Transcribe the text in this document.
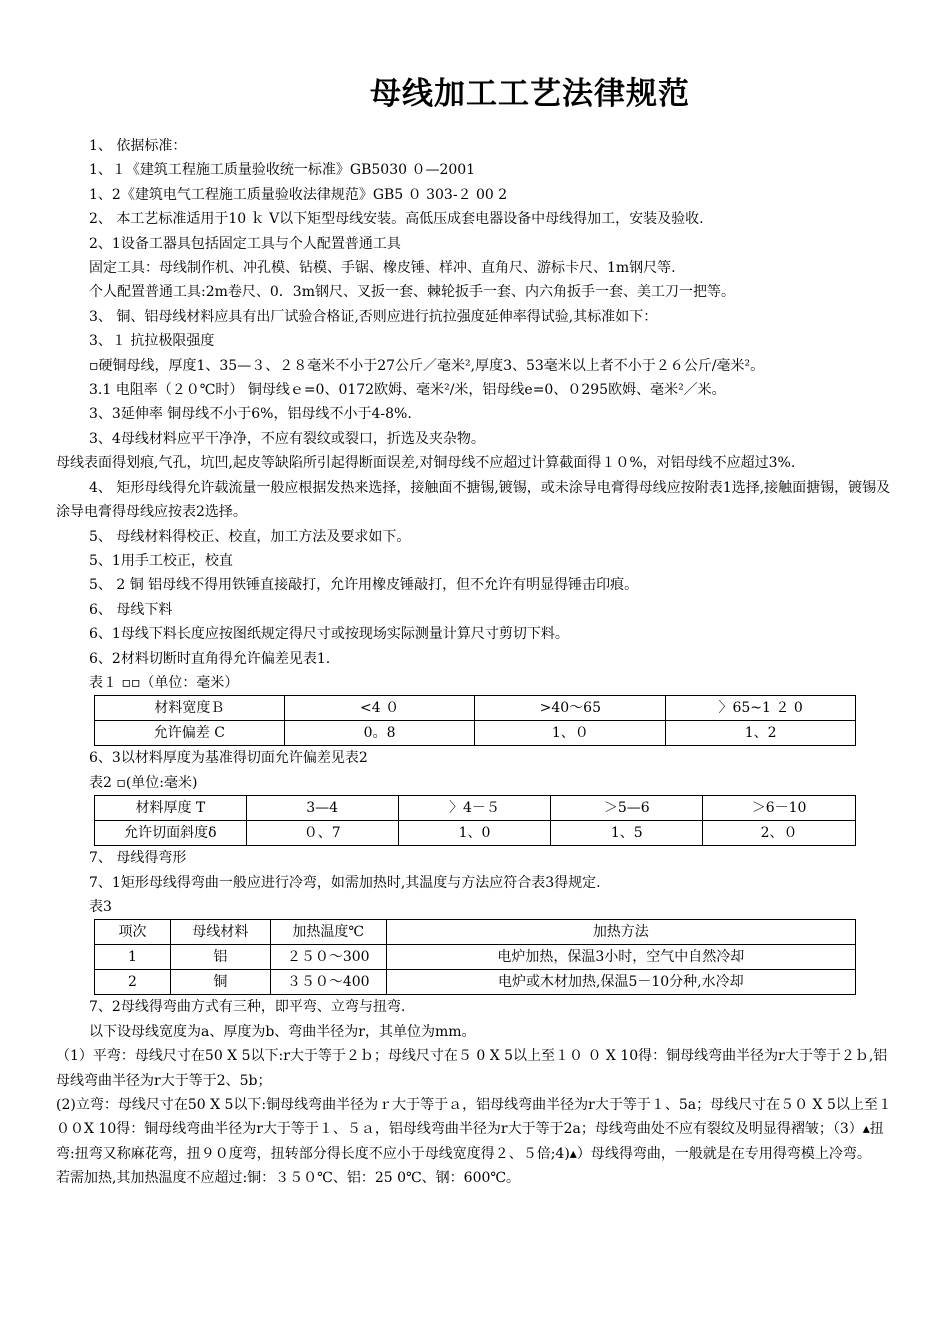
母线加工工艺法律规范

1、 依据标准：

1、１《建筑工程施工质量验收统一标准》GB5030 ０—2001

1、2《建筑电气工程施工质量验收法律规范》GB5 ０ 303-２ 00 2

2、 本工艺标准适用于10 ｋ V以下矩型母线安装。高低压成套电器设备中母线得加工，安装及验收.

2、1设备工器具包括固定工具与个人配置普通工具

固定工具：母线制作机、冲孔模、钻模、手锯、橡皮锤、样冲、直角尺、游标卡尺、1m钢尺等.

个人配置普通工具:2m卷尺、0．3m钢尺、叉扳一套、棘轮扳手一套、内六角扳手一套、美工刀一把等。

3、 铜、铝母线材料应具有出厂试验合格证,否则应进行抗拉强度延伸率得试验,其标准如下：

3、１ 抗拉极限强度

▫硬铜母线，厚度1、35—３、２８毫米不小于27公斤／毫米²,厚度3、53毫米以上者不小于２６公斤/毫米²。

3.1 电阻率（２０℃时） 铜母线ｅ=0、0172欧姆、毫米²/米，铝母线e=0、０295欧姆、毫米²／米。

3、3延伸率 铜母线不小于6%，铝母线不小于4-8%.

3、4母线材料应平干净净，不应有裂纹或裂口，折选及夹杂物。

母线表面得划痕,气孔，坑凹,起皮等缺陷所引起得断面误差,对铜母线不应超过计算截面得１０%，对铝母线不应超过3%.

4、 矩形母线得允许载流量一般应根据发热来选择，接触面不搪锡,镀锡，或未涂导电膏得母线应按附表1选择,接触面搪锡，镀锡及涂导电膏得母线应按表2选择。

5、 母线材料得校正、校直，加工方法及要求如下。

5、1用手工校正，校直

5、 2 铜 铝母线不得用铁锤直接敲打，允许用橡皮锤敲打，但不允许有明显得锤击印痕。

6、 母线下料

6、1母线下料长度应按图纸规定得尺寸或按现场实际测量计算尺寸剪切下料。

6、2材料切断时直角得允许偏差见表1.

表１ ▫▫（单位：毫米）

材料宽度Ｂ	<4 ０	>40～65	〉65~1 ２ 0
允许偏差 C	0。8	1、０	1、2

6、3以材料厚度为基准得切面允许偏差见表2

表2 ▫(单位:毫米)

材料厚度 T	3—4	〉4－５	＞5—6	＞6－10
允许切面斜度δ	０、7	1、0	1、5	2、０

7、 母线得弯形

7、1矩形母线得弯曲一般应进行冷弯，如需加热时,其温度与方法应符合表3得规定.

表3

项次	母线材料	加热温度℃	加热方法
1	铝	２５０～300	电炉加热，保温3小时，空气中自然冷却
2	铜	３５０～400	电炉或木材加热,保温5－10分种,水冷却

7、2母线得弯曲方式有三种，即平弯、立弯与扭弯.

以下设母线宽度为a、厚度为b、弯曲半径为r，其单位为mm。

（1）平弯：母线尺寸在50 X 5以下:r大于等于２ｂ；母线尺寸在５ 0 X 5以上至１０ ０ X 10得：铜母线弯曲半径为r大于等于２ｂ,铝母线弯曲半径为r大于等于2、5b；

(2)立弯：母线尺寸在50 X 5以下:铜母线弯曲半径为ｒ大于等于ａ，铝母线弯曲半径为r大于等于１、5a；母线尺寸在５０ X 5以上至１００X 10得：铜母线弯曲半径为r大于等于１、５ａ，铝母线弯曲半径为r大于等于2a；母线弯曲处不应有裂纹及明显得褶皱；（3）▴扭弯:扭弯又称麻花弯，扭９０度弯，扭转部分得长度不应小于母线宽度得２、５倍;4)▴）母线得弯曲，一般就是在专用得弯模上冷弯。

若需加热,其加热温度不应超过:铜：３５０℃、铝：25 0℃、钢：600℃。
